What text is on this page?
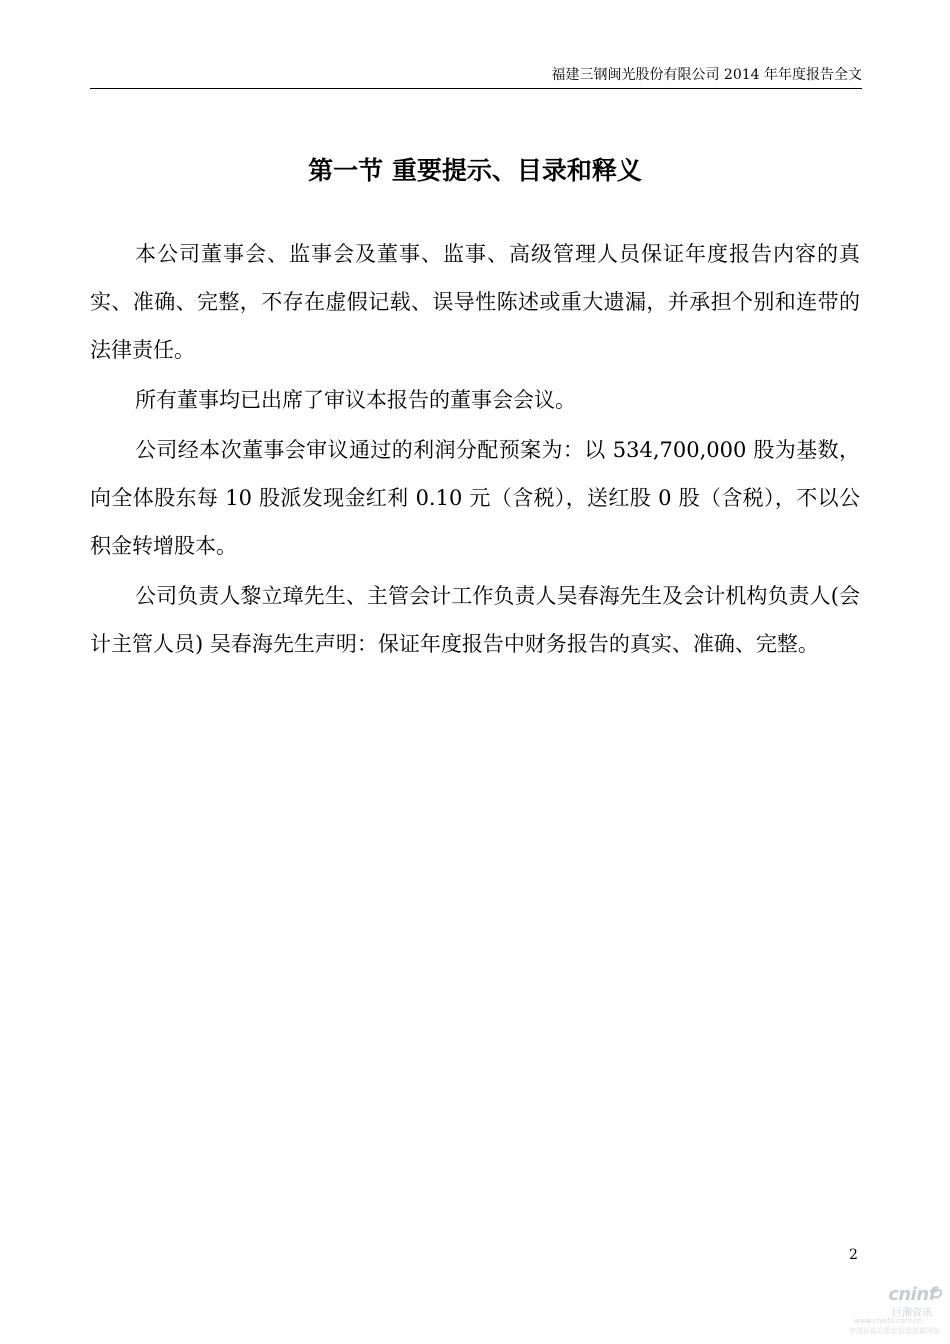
福建三钢闽光股份有限公司 2014 年年度报告全文
第一节 重要提示、目录和释义

本公司董事会、监事会及董事、监事、高级管理人员保证年度报告内容的真实、准确、完整，不存在虚假记载、误导性陈述或重大遗漏，并承担个别和连带的法律责任。

所有董事均已出席了审议本报告的董事会会议。

公司经本次董事会审议通过的利润分配预案为：以 534,700,000 股为基数，向全体股东每 10 股派发现金红利 0.10 元（含税），送红股 0 股（含税），不以公积金转增股本。

公司负责人黎立璋先生、主管会计工作负责人吴春海先生及会计机构负责人(会计主管人员) 吴春海先生声明：保证年度报告中财务报告的真实、准确、完整。

2
cninf
巨潮资讯
www.cninfo.com.cn
中国证监会指定信息披露网站
